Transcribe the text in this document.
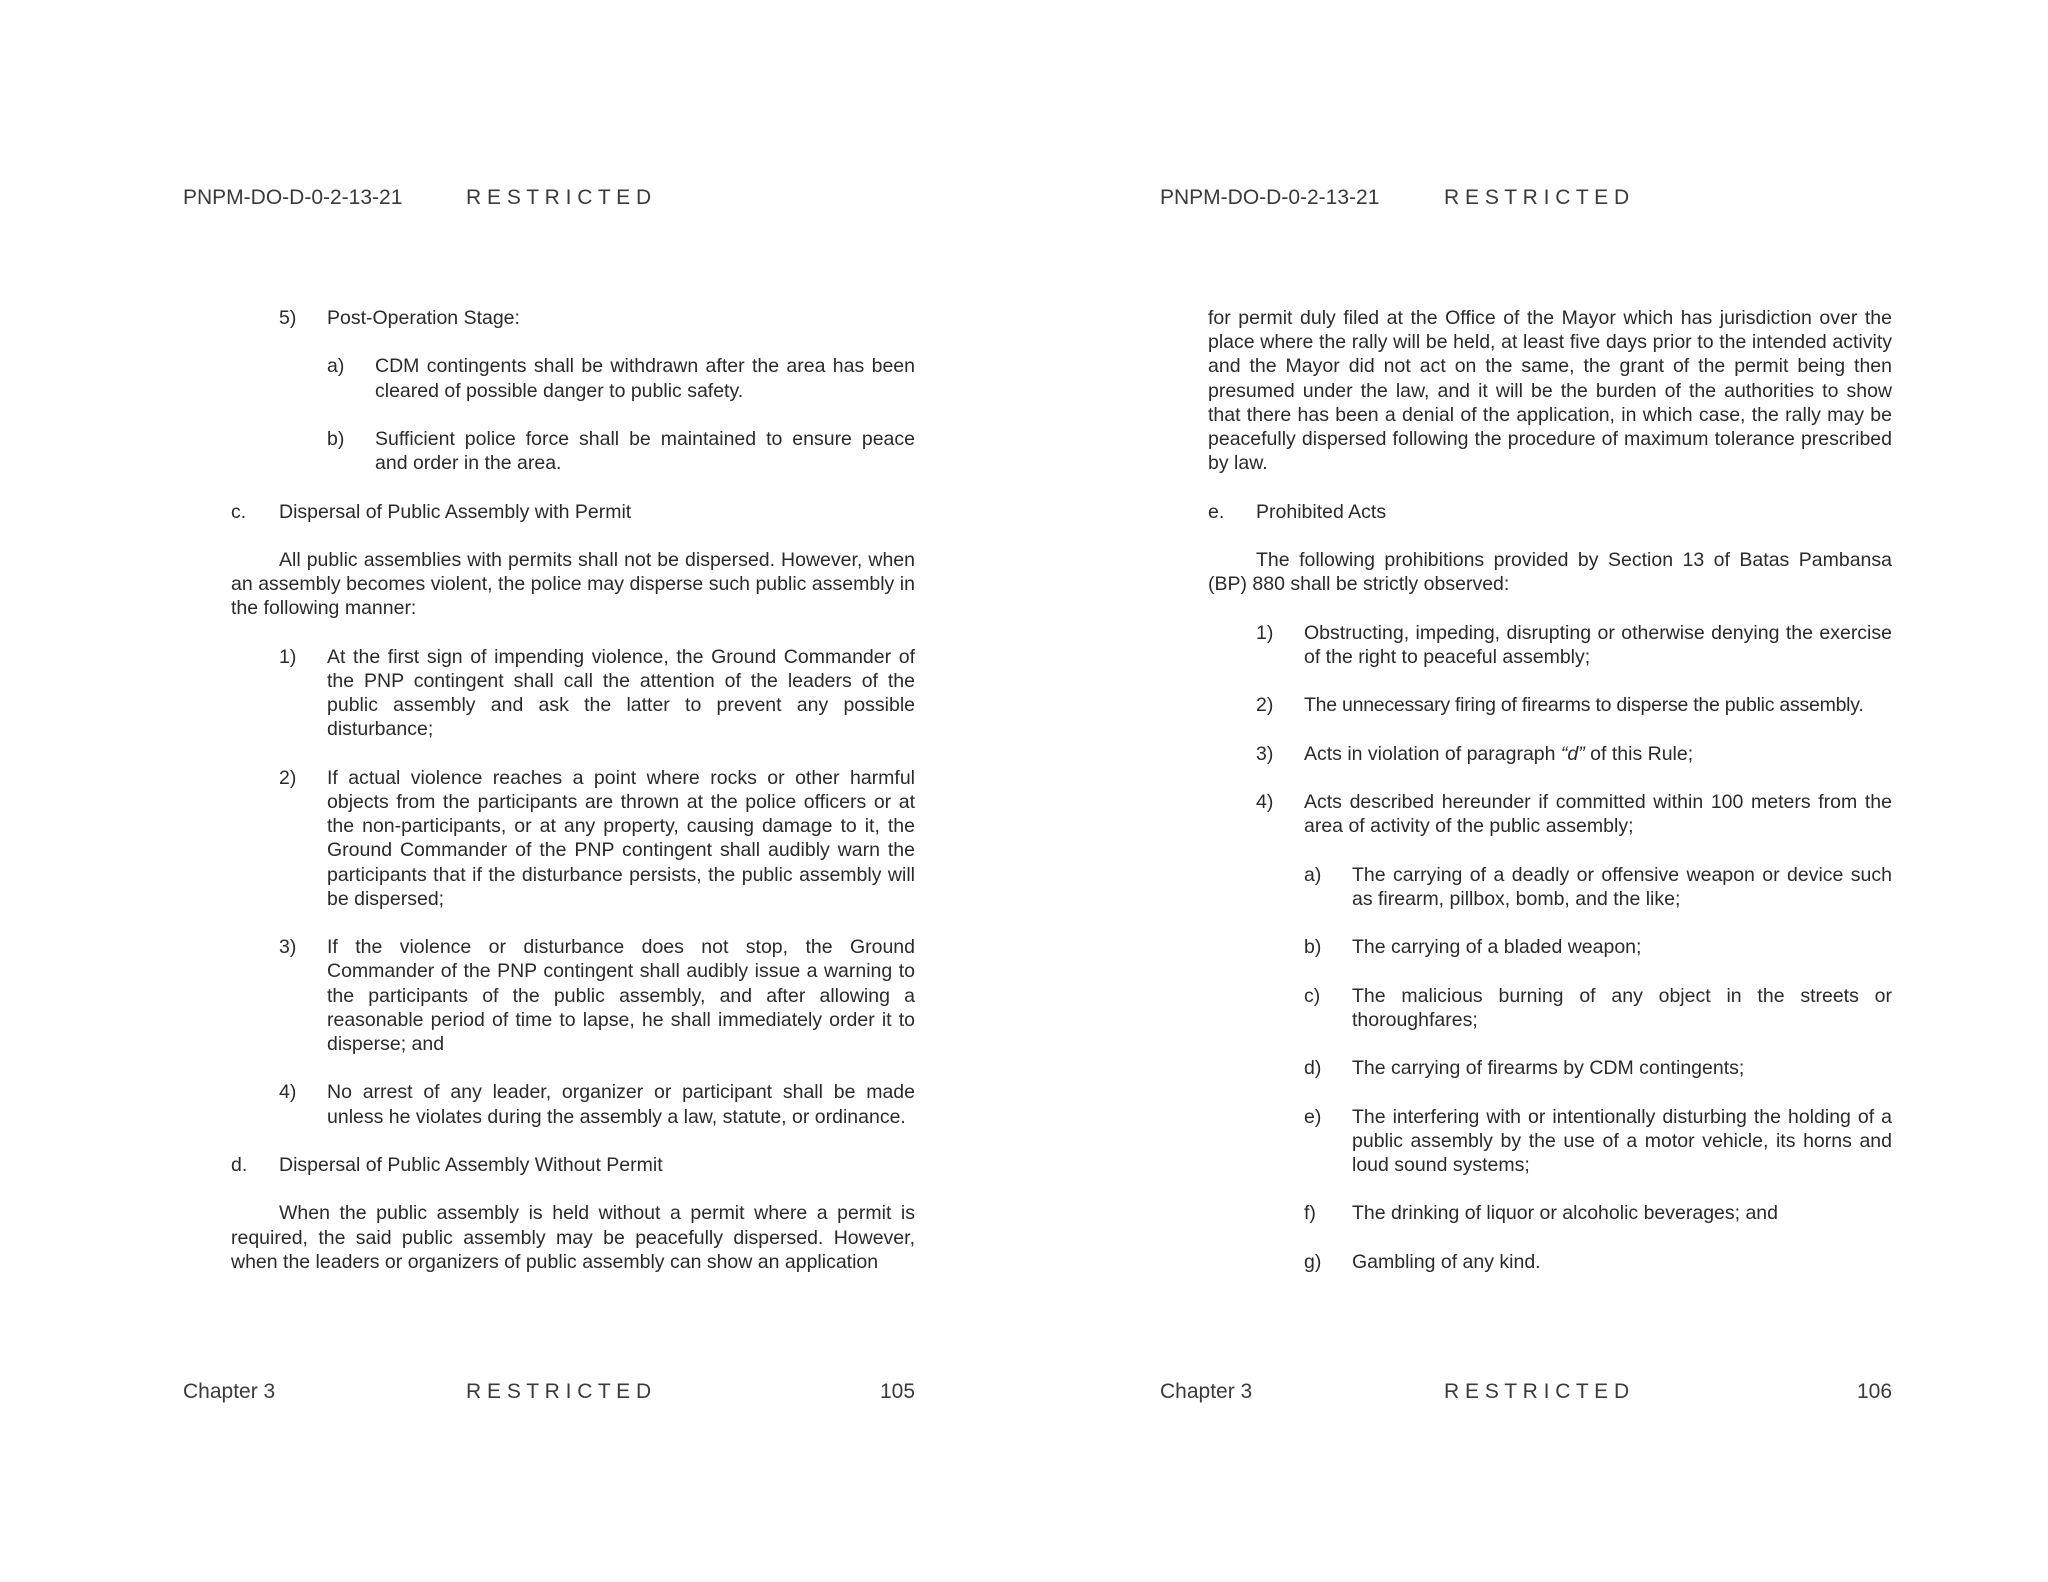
PNPM-DO-D-0-2-13-21	R E S T R I C T E D
5)	Post-Operation Stage:
a)	CDM contingents shall be withdrawn after the area has been cleared of possible danger to public safety.
b)	Sufficient police force shall be maintained to ensure peace and order in the area.
c.	Dispersal of Public Assembly with Permit
All public assemblies with permits shall not be dispersed. However, when an assembly becomes violent, the police may disperse such public assembly in the following manner:
1)	At the first sign of impending violence, the Ground Commander of the PNP contingent shall call the attention of the leaders of the public assembly and ask the latter to prevent any possible disturbance;
2)	If actual violence reaches a point where rocks or other harmful objects from the participants are thrown at the police officers or at the non-participants, or at any property, causing damage to it, the Ground Commander of the PNP contingent shall audibly warn the participants that if the disturbance persists, the public assembly will be dispersed;
3)	If the violence or disturbance does not stop, the Ground Commander of the PNP contingent shall audibly issue a warning to the participants of the public assembly, and after allowing a reasonable period of time to lapse, he shall immediately order it to disperse; and
4)	No arrest of any leader, organizer or participant shall be made unless he violates during the assembly a law, statute, or ordinance.
d.	Dispersal of Public Assembly Without Permit
When the public assembly is held without a permit where a permit is required, the said public assembly may be peacefully dispersed. However, when the leaders or organizers of public assembly can show an application
Chapter 3	R E S T R I C T E D	105
PNPM-DO-D-0-2-13-21	R E S T R I C T E D
for permit duly filed at the Office of the Mayor which has jurisdiction over the place where the rally will be held, at least five days prior to the intended activity and the Mayor did not act on the same, the grant of the permit being then presumed under the law, and it will be the burden of the authorities to show that there has been a denial of the application, in which case, the rally may be peacefully dispersed following the procedure of maximum tolerance prescribed by law.
e.	Prohibited Acts
The following prohibitions provided by Section 13 of Batas Pambansa (BP) 880 shall be strictly observed:
1)	Obstructing, impeding, disrupting or otherwise denying the exercise of the right to peaceful assembly;
2)	The unnecessary firing of firearms to disperse the public assembly.
3)	Acts in violation of paragraph “d” of this Rule;
4)	Acts described hereunder if committed within 100 meters from the area of activity of the public assembly;
a)	The carrying of a deadly or offensive weapon or device such as firearm, pillbox, bomb, and the like;
b)	The carrying of a bladed weapon;
c)	The malicious burning of any object in the streets or thoroughfares;
d)	The carrying of firearms by CDM contingents;
e)	The interfering with or intentionally disturbing the holding of a public assembly by the use of a motor vehicle, its horns and loud sound systems;
f)	The drinking of liquor or alcoholic beverages; and
g)	Gambling of any kind.
Chapter 3	R E S T R I C T E D	106
